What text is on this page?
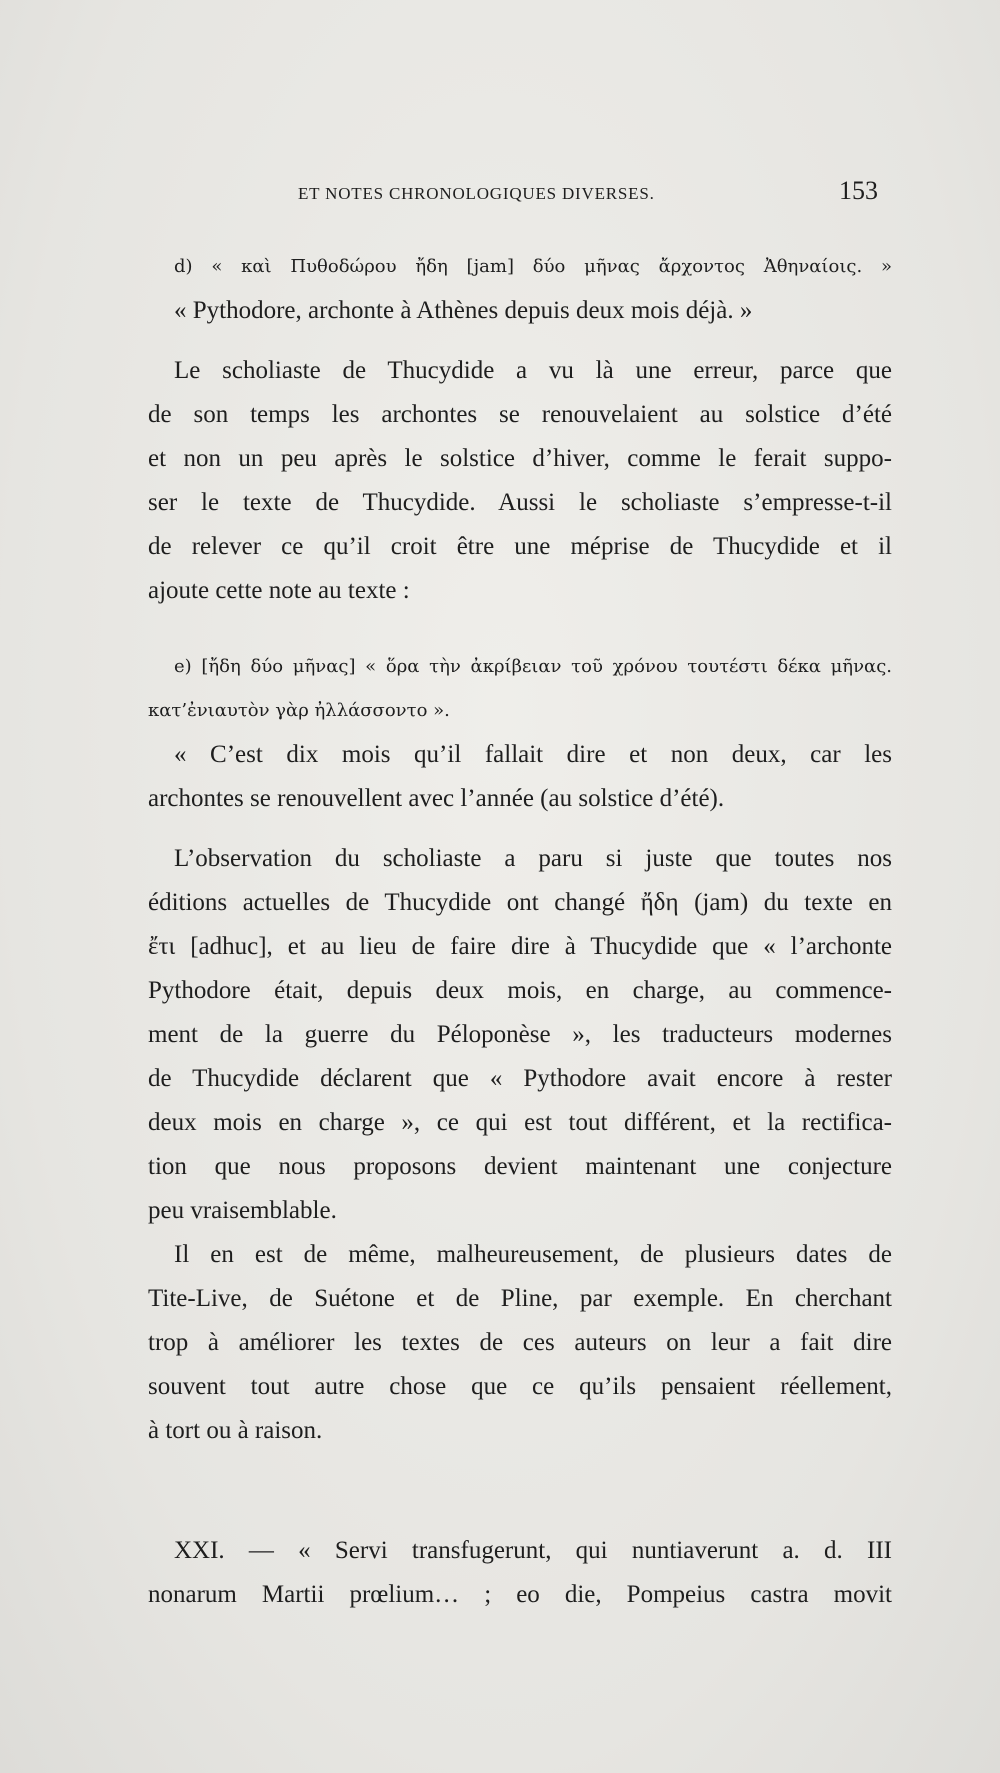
ET NOTES CHRONOLOGIQUES DIVERSES.	153
d) « καὶ Πυθοδώρου ἤδη [jam] δύο μῆνας ἄρχοντος Ἀθηναίοις. »
« Pythodore, archonte à Athènes depuis deux mois déjà. »
Le scholiaste de Thucydide a vu là une erreur, parce que
de son temps les archontes se renouvelaient au solstice d’été
et non un peu après le solstice d’hiver, comme le ferait suppo-
ser le texte de Thucydide. Aussi le scholiaste s’empresse-t-il
de relever ce qu’il croit être une méprise de Thucydide et il
ajoute cette note au texte :
e) [ἤδη δύο μῆνας] « ὅρα τὴν ἀκρίβειαν τοῦ χρόνου τουτέστι δέκα μῆνας.
κατ’ἐνιαυτὸν γὰρ ἠλλάσσοντο ».
« C’est dix mois qu’il fallait dire et non deux, car les
archontes se renouvellent avec l’année (au solstice d’été).
L’observation du scholiaste a paru si juste que toutes nos
éditions actuelles de Thucydide ont changé ἤδη (jam) du texte en
ἔτι [adhuc], et au lieu de faire dire à Thucydide que « l’archonte
Pythodore était, depuis deux mois, en charge, au commence-
ment de la guerre du Péloponèse », les traducteurs modernes
de Thucydide déclarent que « Pythodore avait encore à rester
deux mois en charge », ce qui est tout différent, et la rectifica-
tion que nous proposons devient maintenant une conjecture
peu vraisemblable.
Il en est de même, malheureusement, de plusieurs dates de
Tite-Live, de Suétone et de Pline, par exemple. En cherchant
trop à améliorer les textes de ces auteurs on leur a fait dire
souvent tout autre chose que ce qu’ils pensaient réellement,
à tort ou à raison.
XXI. — « Servi transfugerunt, qui nuntiaverunt a. d. III
nonarum Martii prœlium… ; eo die, Pompeius castra movit
